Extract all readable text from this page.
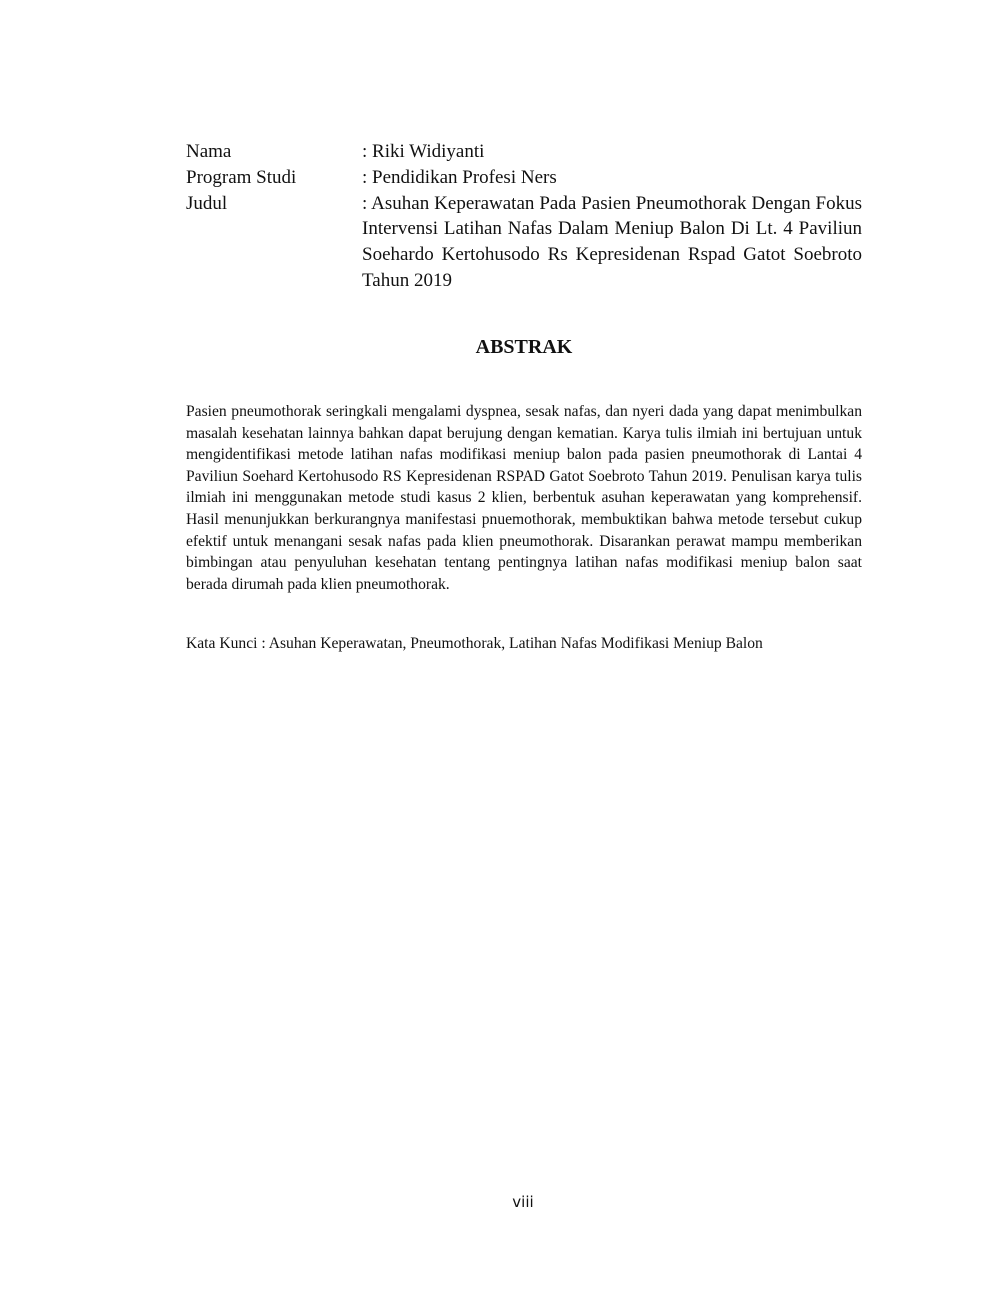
Nama	: Riki Widiyanti
Program Studi	: Pendidikan Profesi Ners
Judul	: Asuhan Keperawatan Pada Pasien Pneumothorak Dengan Fokus Intervensi Latihan Nafas Dalam Meniup Balon Di Lt. 4 Paviliun Soehardo Kertohusodo Rs Kepresidenan Rspad Gatot Soebroto Tahun 2019
ABSTRAK

Pasien pneumothorak seringkali mengalami dyspnea, sesak nafas, dan nyeri dada yang dapat menimbulkan masalah kesehatan lainnya bahkan dapat berujung dengan kematian. Karya tulis ilmiah ini bertujuan untuk mengidentifikasi metode latihan nafas modifikasi meniup balon pada pasien pneumothorak di Lantai 4 Paviliun Soehard Kertohusodo RS Kepresidenan RSPAD Gatot Soebroto Tahun 2019. Penulisan karya tulis ilmiah ini menggunakan metode studi kasus 2 klien, berbentuk asuhan keperawatan yang komprehensif. Hasil menunjukkan berkurangnya manifestasi pnuemothorak, membuktikan bahwa metode tersebut cukup efektif untuk menangani sesak nafas pada klien pneumothorak. Disarankan perawat mampu memberikan bimbingan atau penyuluhan kesehatan tentang pentingnya latihan nafas modifikasi meniup balon saat berada dirumah pada klien pneumothorak.

Kata Kunci : Asuhan Keperawatan, Pneumothorak, Latihan Nafas Modifikasi Meniup Balon

viii
